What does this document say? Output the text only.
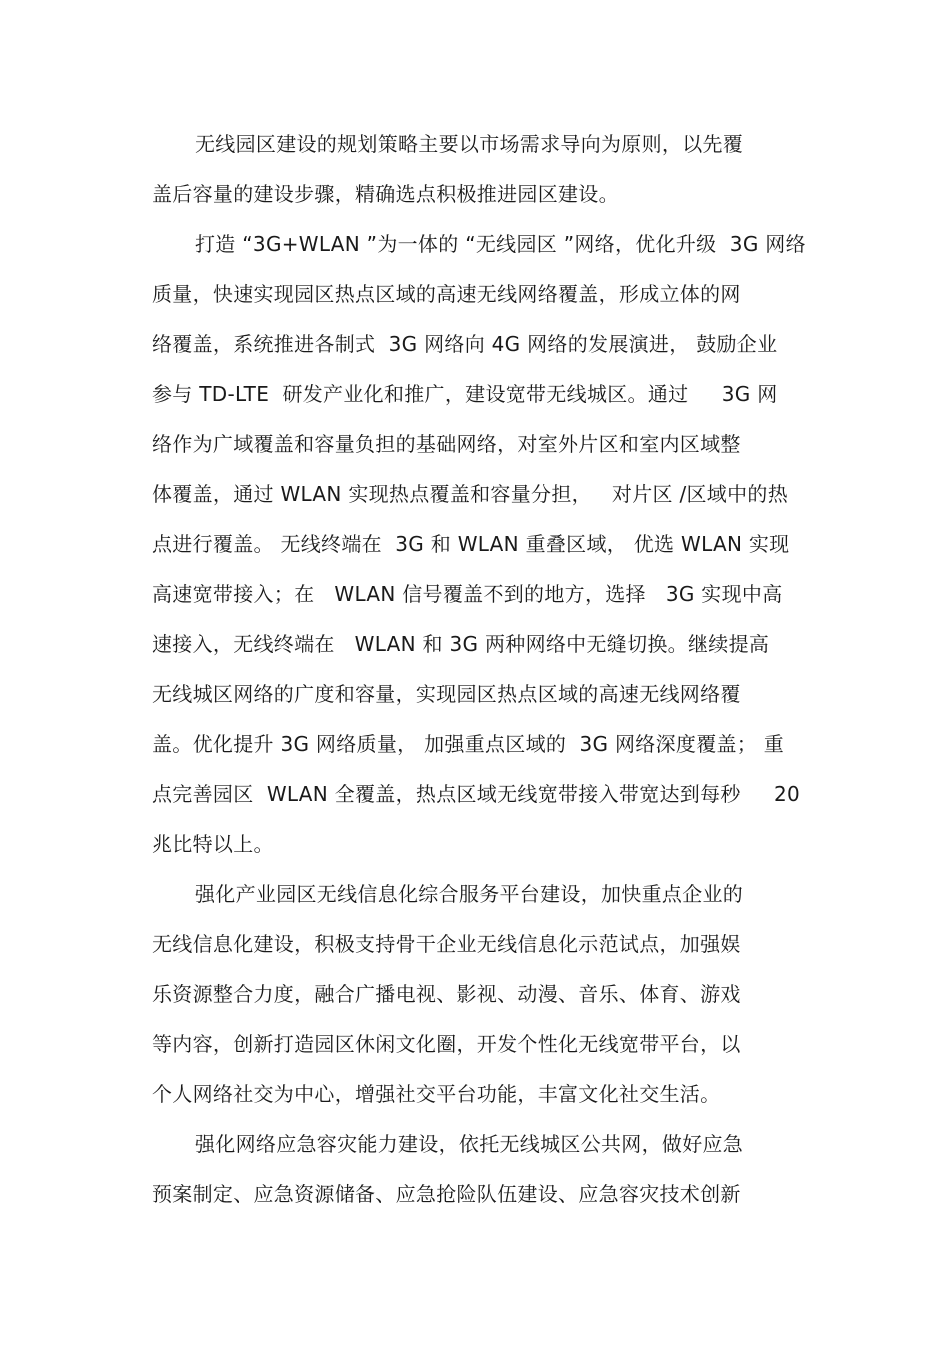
无线园区建设的规划策略主要以市场需求导向为原则，以先覆
盖后容量的建设步骤，精确选点积极推进园区建设。
打造 “3G+WLAN ”为一体的 “无线园区 ”网络，优化升级  3G 网络
质量，快速实现园区热点区域的高速无线网络覆盖，形成立体的网
络覆盖，系统推进各制式  3G 网络向 4G 网络的发展演进， 鼓励企业
参与 TD-LTE  研发产业化和推广，建设宽带无线城区。通过     3G 网
络作为广域覆盖和容量负担的基础网络，对室外片区和室内区域整
体覆盖，通过 WLAN 实现热点覆盖和容量分担，   对片区 /区域中的热
点进行覆盖。 无线终端在  3G 和 WLAN 重叠区域， 优选 WLAN 实现
高速宽带接入；在   WLAN 信号覆盖不到的地方，选择   3G 实现中高
速接入，无线终端在   WLAN 和 3G 两种网络中无缝切换。继续提高
无线城区网络的广度和容量，实现园区热点区域的高速无线网络覆
盖。优化提升 3G 网络质量， 加强重点区域的  3G 网络深度覆盖； 重
点完善园区  WLAN 全覆盖，热点区域无线宽带接入带宽达到每秒     20
兆比特以上。
强化产业园区无线信息化综合服务平台建设，加快重点企业的
无线信息化建设，积极支持骨干企业无线信息化示范试点，加强娱
乐资源整合力度，融合广播电视、影视、动漫、音乐、体育、游戏
等内容，创新打造园区休闲文化圈，开发个性化无线宽带平台，以
个人网络社交为中心，增强社交平台功能，丰富文化社交生活。
强化网络应急容灾能力建设，依托无线城区公共网，做好应急
预案制定、应急资源储备、应急抢险队伍建设、应急容灾技术创新
